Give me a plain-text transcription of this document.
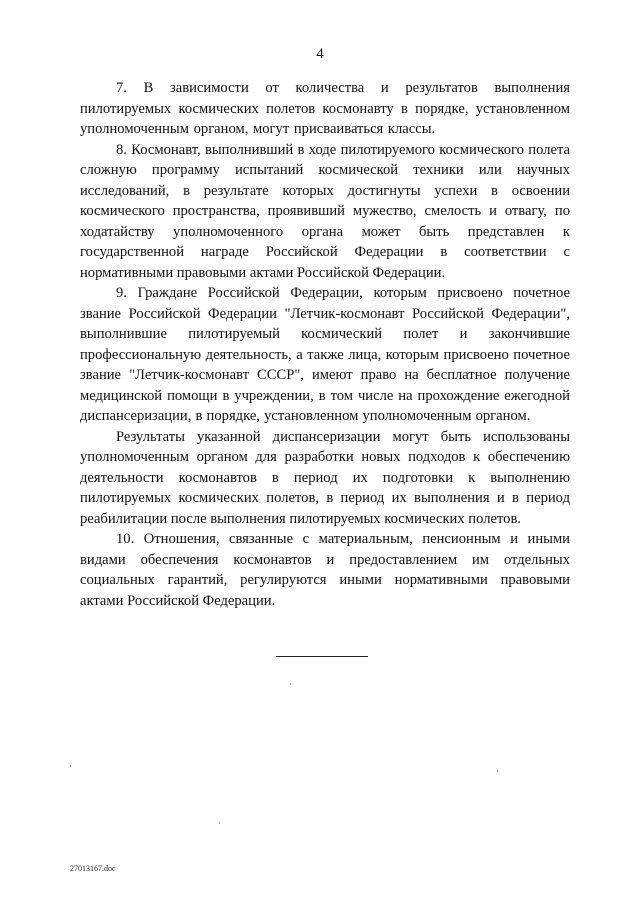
4

7. В зависимости от количества и результатов выполнения пилотируемых космических полетов космонавту в порядке, установленном уполномоченным органом, могут присваиваться классы.

8. Космонавт, выполнивший в ходе пилотируемого космического полета сложную программу испытаний космической техники или научных исследований, в результате которых достигнуты успехи в освоении космического пространства, проявивший мужество, смелость и отвагу, по ходатайству уполномоченного органа может быть представлен к государственной награде Российской Федерации в соответствии с нормативными правовыми актами Российской Федерации.

9. Граждане Российской Федерации, которым присвоено почетное звание Российской Федерации "Летчик-космонавт Российской Федерации", выполнившие пилотируемый космический полет и закончившие профессиональную деятельность, а также лица, которым присвоено почетное звание "Летчик-космонавт СССР", имеют право на бесплатное получение медицинской помощи в учреждении, в том числе на прохождение ежегодной диспансеризации, в порядке, установленном уполномоченным органом.

Результаты указанной диспансеризации могут быть использованы уполномоченным органом для разработки новых подходов к обеспечению деятельности космонавтов в период их подготовки к выполнению пилотируемых космических полетов, в период их выполнения и в период реабилитации после выполнения пилотируемых космических полетов.

10. Отношения, связанные с материальным, пенсионным и иными видами обеспечения космонавтов и предоставлением им отдельных социальных гарантий, регулируются иными нормативными правовыми актами Российской Федерации.

27013167.doc
